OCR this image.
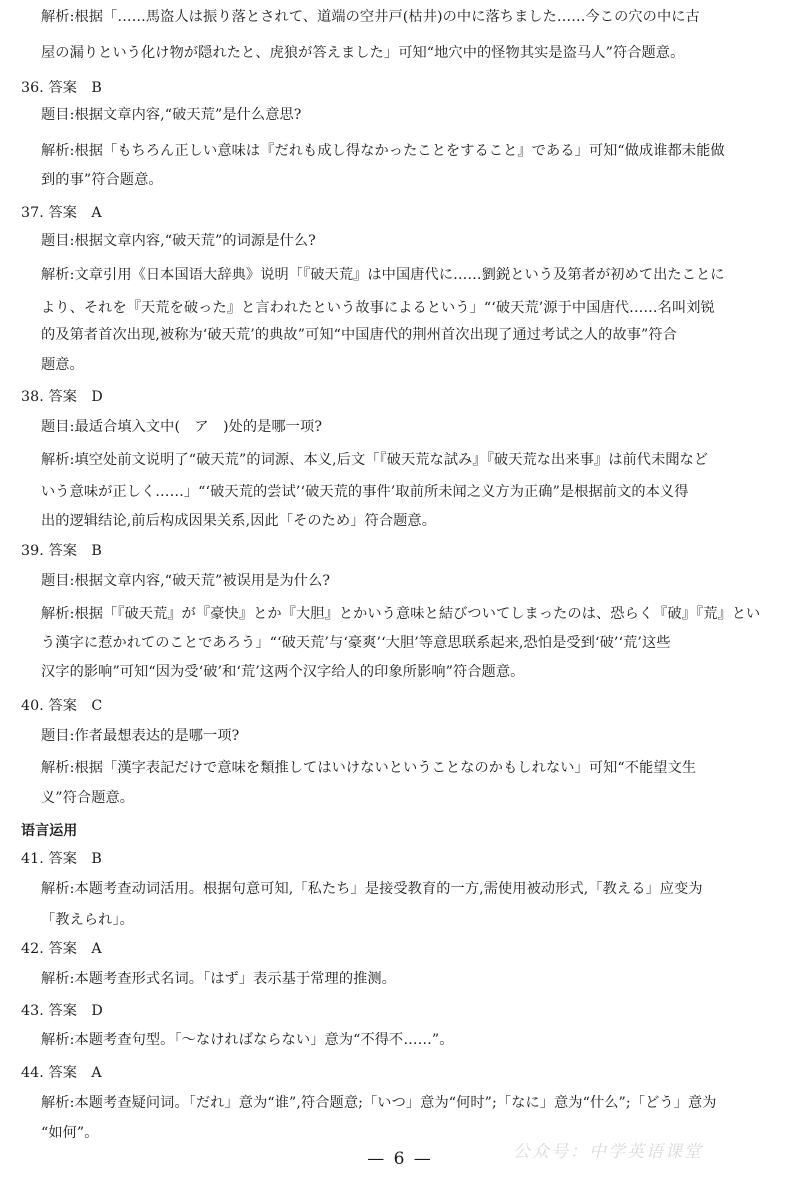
解析:根据「……馬盗人は振り落とされて、道端の空井戸(枯井)の中に落ちました……今この穴の中に古
屋の漏りという化け物が隠れたと、虎狼が答えました」可知“地穴中的怪物其实是盗马人”符合题意。
36. 答案　B
题目:根据文章内容,“破天荒”是什么意思?
解析:根据「もちろん正しい意味は『だれも成し得なかったことをすること』である」可知“做成谁都未能做
到的事”符合题意。
37. 答案　A
题目:根据文章内容,“破天荒”的词源是什么?
解析:文章引用《日本国语大辞典》说明「『破天荒』は中国唐代に……劉鋭という及第者が初めて出たことに
より、それを『天荒を破った』と言われたという故事によるという」“‘破天荒’源于中国唐代……名叫刘锐
的及第者首次出现,被称为‘破天荒’的典故”可知“中国唐代的荆州首次出现了通过考试之人的故事”符合
题意。
38. 答案　D
题目:最适合填入文中(　ア　)处的是哪一项?
解析:填空处前文说明了“破天荒”的词源、本义,后文「『破天荒な試み』『破天荒な出来事』は前代未聞など
いう意味が正しく……」“‘破天荒的尝试’‘破天荒的事件’取前所未闻之义方为正确”是根据前文的本义得
出的逻辑结论,前后构成因果关系,因此「そのため」符合题意。
39. 答案　B
题目:根据文章内容,“破天荒”被误用是为什么?
解析:根据「『破天荒』が『豪快』とか『大胆』とかいう意味と結びついてしまったのは、恐らく『破』『荒』とい
う漢字に惹かれてのことであろう」“‘破天荒’与‘豪爽’‘大胆’等意思联系起来,恐怕是受到‘破’‘荒’这些
汉字的影响”可知“因为受‘破’和‘荒’这两个汉字给人的印象所影响”符合题意。
40. 答案　C
题目:作者最想表达的是哪一项?
解析:根据「漢字表記だけで意味を類推してはいけないということなのかもしれない」可知“不能望文生
义”符合题意。
语言运用
41. 答案　B
解析:本题考查动词活用。根据句意可知,「私たち」是接受教育的一方,需使用被动形式,「教える」应变为
「教えられ」。
42. 答案　A
解析:本题考查形式名词。「はず」表示基于常理的推测。
43. 答案　D
解析:本题考查句型。「～なければならない」意为“不得不……”。
44. 答案　A
解析:本题考查疑问词。「だれ」意为“谁”,符合题意;「いつ」意为“何时”;「なに」意为“什么”;「どう」意为
“如何”。
公众号：中学英语课堂
— 6 —
